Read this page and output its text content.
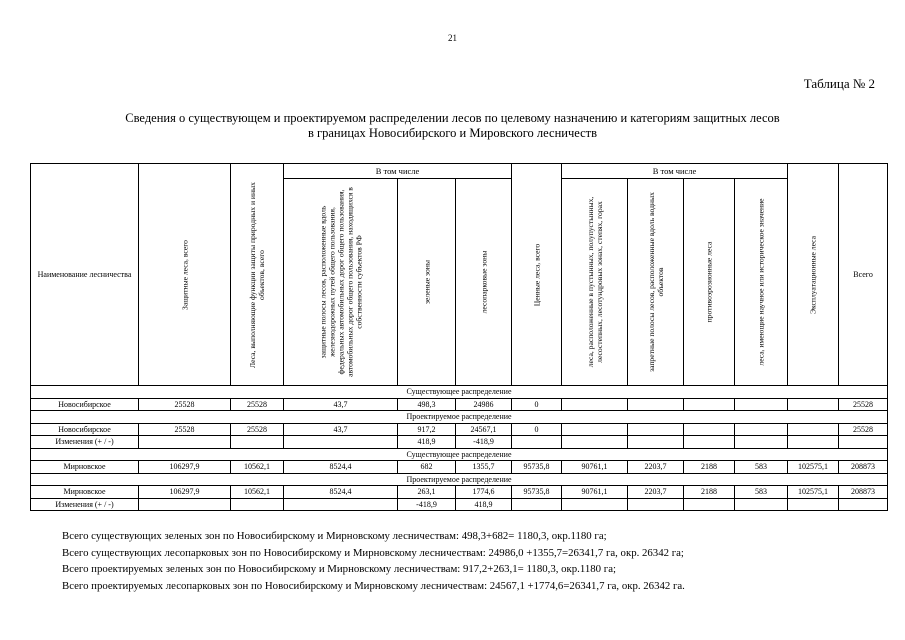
21
Таблица № 2
Сведения о существующем и проектируемом распределении лесов по целевому назначению и категориям защитных лесов
в границах Новосибирского и Мировского лесничеств
Наименование лесничества	Защитные леса, всего	Леса, выполняющие функции защиты природных и иных объектов, всего	В том числе			Ценные леса, всего	В том числе				Эксплуатационные леса	Всего

			защитные полосы лесов, расположенные вдоль железнодорожных путей общего пользования, федеральных автомобильных дорог общего пользования, автомобильных дорог общего пользования, находящихся в собственности субъектов РФ	зеленые зоны	лесопарковые зоны		леса, расположенные в пустынных, полупустынных, лесостепных, лесотундровых зонах, степях, горах	запретные полосы лесов, расположенные вдоль водных объектов	противоэрозионные леса	леса, имеющие научное или историческое значение		

Существующее распределение												
Новосибирское	25528	25528	43,7	498,3	24986	0						25528
Проектируемое распределение												
Новосибирское	25528	25528	43,7	917,2	24567,1	0						25528
Изменения (+ / -)				418,9	-418,9							
Существующее распределение												
Мирновское	106297,9	10562,1	8524,4	682	1355,7	95735,8	90761,1	2203,7	2188	583	102575,1	208873
Проектируемое распределение												
Мирновское	106297,9	10562,1	8524,4	263,1	1774,6	95735,8	90761,1	2203,7	2188	583	102575,1	208873
Изменения (+ / -)				-418,9	418,9							
Всего существующих зеленых зон по Новосибирскому и Мирновскому лесничествам: 498,3+682= 1180,3, окр.1180 га;
Всего существующих лесопарковых зон по Новосибирскому и Мирновскому лесничествам: 24986,0 +1355,7=26341,7 га, окр. 26342 га;
Всего проектируемых зеленых зон по Новосибирскому и Мирновскому лесничествам: 917,2+263,1= 1180,3, окр.1180 га;
Всего проектируемых лесопарковых зон по Новосибирскому и Мирновскому лесничествам: 24567,1 +1774,6=26341,7 га, окр. 26342 га.
